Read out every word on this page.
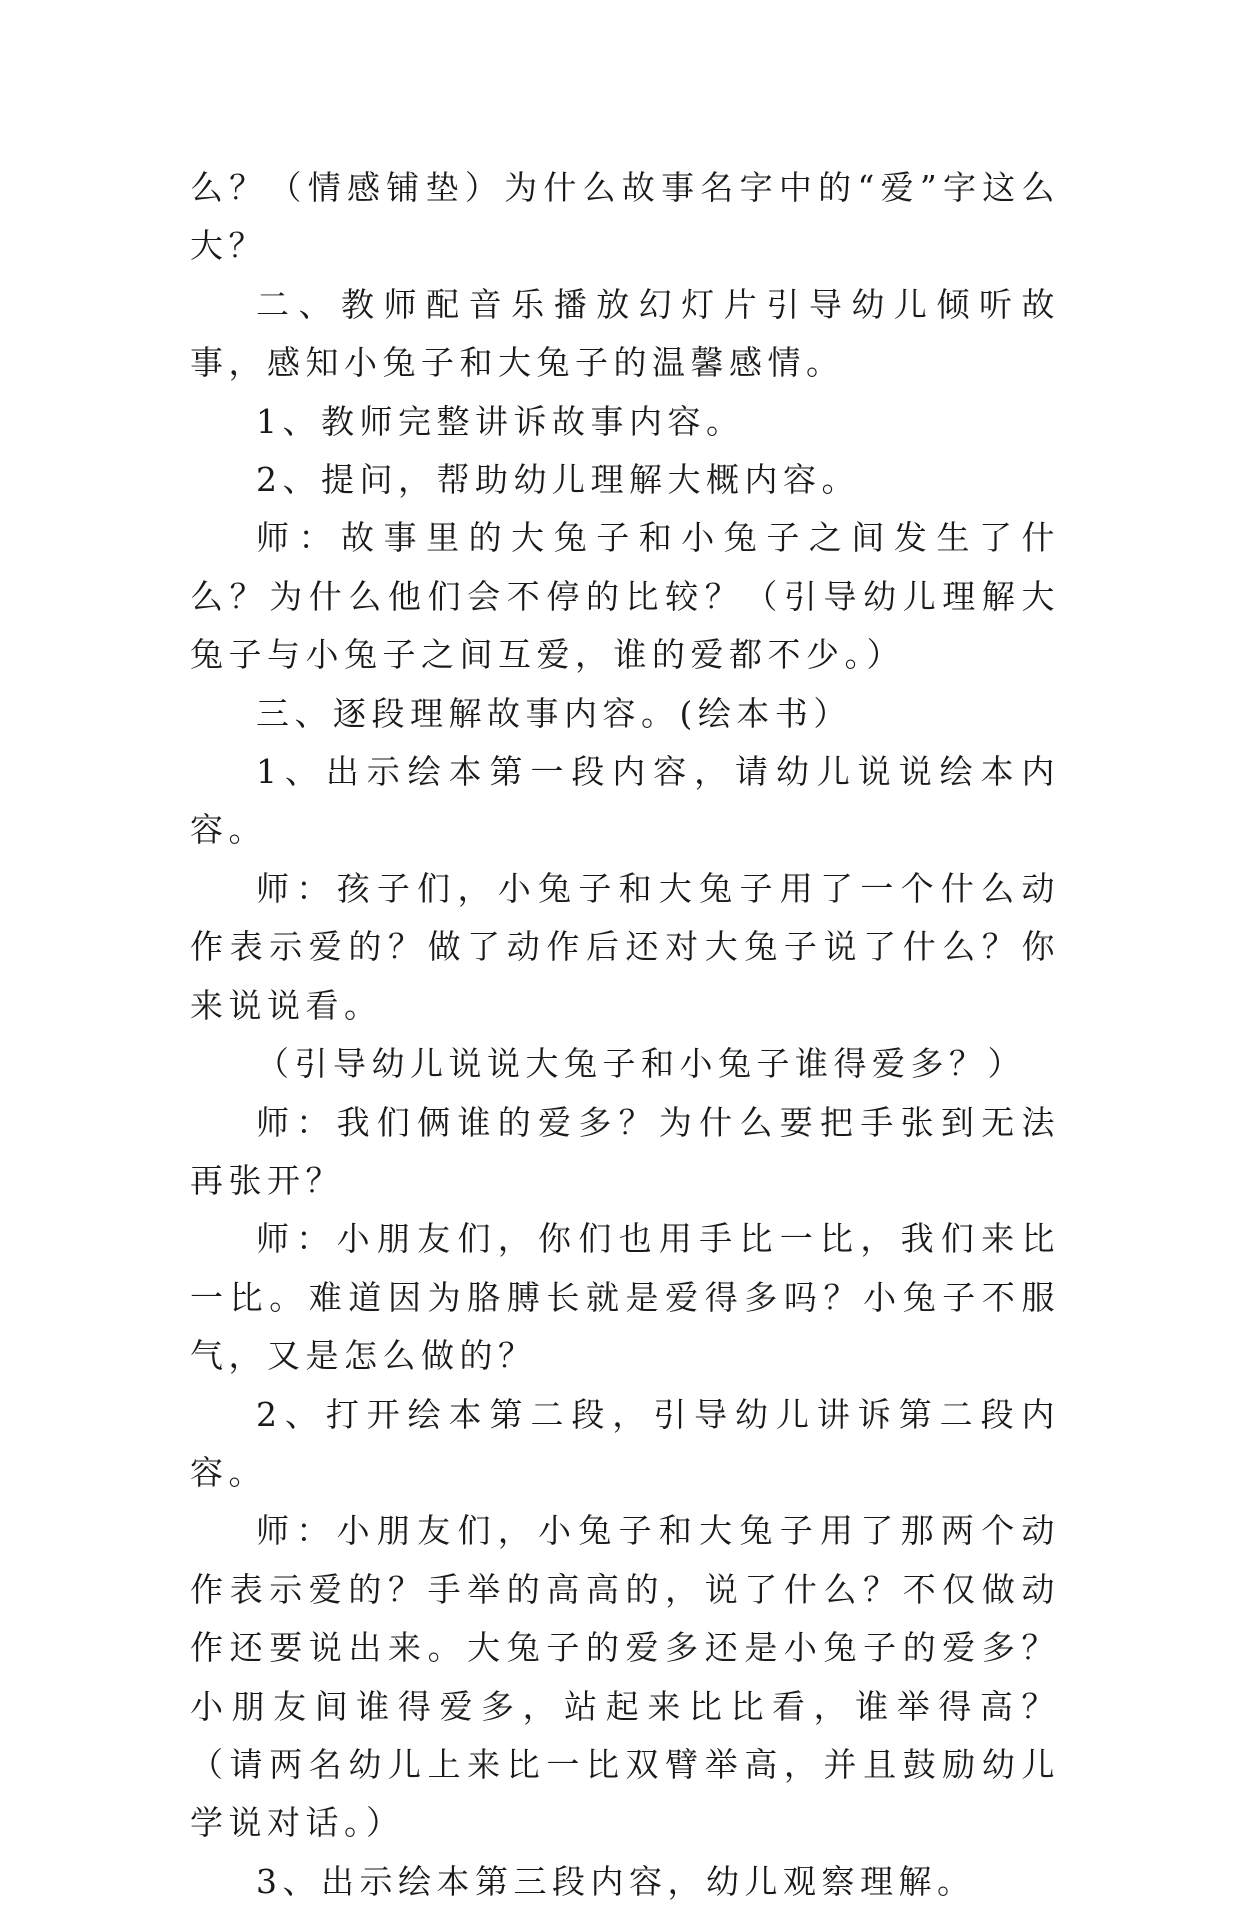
么？（情感铺垫）为什么故事名字中的“爱”字这么大？

二、教师配音乐播放幻灯片引导幼儿倾听故事，感知小兔子和大兔子的温馨感情。

1、教师完整讲诉故事内容。

2、提问，帮助幼儿理解大概内容。

师：故事里的大兔子和小兔子之间发生了什么？为什么他们会不停的比较？（引导幼儿理解大兔子与小兔子之间互爱，谁的爱都不少。）

三、逐段理解故事内容。(绘本书）

1、出示绘本第一段内容，请幼儿说说绘本内容。

师：孩子们，小兔子和大兔子用了一个什么动作表示爱的？做了动作后还对大兔子说了什么？你来说说看。

（引导幼儿说说大兔子和小兔子谁得爱多？）

师：我们俩谁的爱多？为什么要把手张到无法再张开？

师：小朋友们，你们也用手比一比，我们来比一比。难道因为胳膊长就是爱得多吗？小兔子不服气，又是怎么做的？

2、打开绘本第二段，引导幼儿讲诉第二段内容。

师：小朋友们，小兔子和大兔子用了那两个动作表示爱的？手举的高高的，说了什么？不仅做动作还要说出来。大兔子的爱多还是小兔子的爱多？小朋友间谁得爱多，站起来比比看，谁举得高？（请两名幼儿上来比一比双臂举高，并且鼓励幼儿学说对话。）

3、出示绘本第三段内容，幼儿观察理解。
